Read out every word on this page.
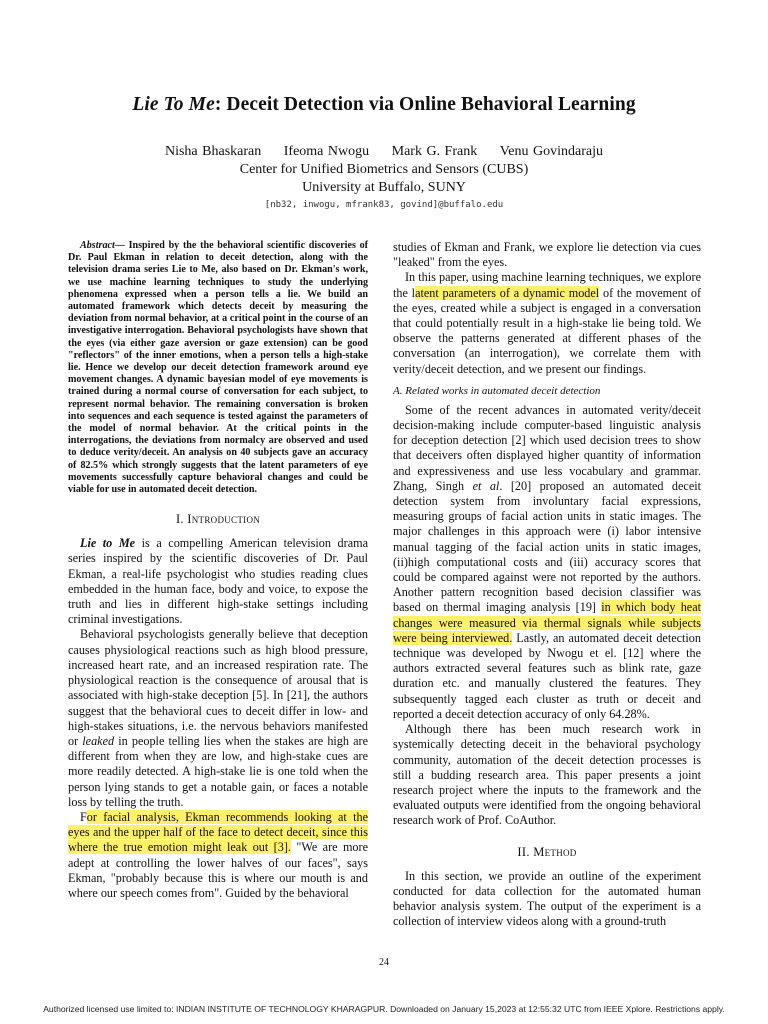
Lie To Me: Deceit Detection via Online Behavioral Learning
Nisha Bhaskaran Ifeoma Nwogu Mark G. Frank Venu Govindaraju
Center for Unified Biometrics and Sensors (CUBS)
University at Buffalo, SUNY
[nb32, inwogu, mfrank83, govind]@buffalo.edu

Abstract— Inspired by the the behavioral scientific discoveries of Dr. Paul Ekman in relation to deceit detection, along with the television drama series Lie to Me, also based on Dr. Ekman's work, we use machine learning techniques to study the underlying phenomena expressed when a person tells a lie. We build an automated framework which detects deceit by measuring the deviation from normal behavior, at a critical point in the course of an investigative interrogation. Behavioral psychologists have shown that the eyes (via either gaze aversion or gaze extension) can be good "reflectors" of the inner emotions, when a person tells a high-stake lie. Hence we develop our deceit detection framework around eye movement changes. A dynamic bayesian model of eye movements is trained during a normal course of conversation for each subject, to represent normal behavior. The remaining conversation is broken into sequences and each sequence is tested against the parameters of the model of normal behavior. At the critical points in the interrogations, the deviations from normalcy are observed and used to deduce verity/deceit. An analysis on 40 subjects gave an accuracy of 82.5% which strongly suggests that the latent parameters of eye movements successfully capture behavioral changes and could be viable for use in automated deceit detection.

I. Introduction

Lie to Me is a compelling American television drama series inspired by the scientific discoveries of Dr. Paul Ekman, a real-life psychologist who studies reading clues embedded in the human face, body and voice, to expose the truth and lies in different high-stake settings including criminal investigations.

Behavioral psychologists generally believe that deception causes physiological reactions such as high blood pressure, increased heart rate, and an increased respiration rate. The physiological reaction is the consequence of arousal that is associated with high-stake deception [5]. In [21], the authors suggest that the behavioral cues to deceit differ in low- and high-stakes situations, i.e. the nervous behaviors manifested or leaked in people telling lies when the stakes are high are different from when they are low, and high-stake cues are more readily detected. A high-stake lie is one told when the person lying stands to get a notable gain, or faces a notable loss by telling the truth.

For facial analysis, Ekman recommends looking at the eyes and the upper half of the face to detect deceit, since this where the true emotion might leak out [3]. "We are more adept at controlling the lower halves of our faces", says Ekman, "probably because this is where our mouth is and where our speech comes from". Guided by the behavioral

studies of Ekman and Frank, we explore lie detection via cues "leaked" from the eyes.

In this paper, using machine learning techniques, we explore the latent parameters of a dynamic model of the movement of the eyes, created while a subject is engaged in a conversation that could potentially result in a high-stake lie being told. We observe the patterns generated at different phases of the conversation (an interrogation), we correlate them with verity/deceit detection, and we present our findings.

A. Related works in automated deceit detection

Some of the recent advances in automated verity/deceit decision-making include computer-based linguistic analysis for deception detection [2] which used decision trees to show that deceivers often displayed higher quantity of information and expressiveness and use less vocabulary and grammar. Zhang, Singh et al. [20] proposed an automated deceit detection system from involuntary facial expressions, measuring groups of facial action units in static images. The major challenges in this approach were (i) labor intensive manual tagging of the facial action units in static images, (ii)high computational costs and (iii) accuracy scores that could be compared against were not reported by the authors. Another pattern recognition based decision classifier was based on thermal imaging analysis [19] in which body heat changes were measured via thermal signals while subjects were being interviewed. Lastly, an automated deceit detection technique was developed by Nwogu et el. [12] where the authors extracted several features such as blink rate, gaze duration etc. and manually clustered the features. They subsequently tagged each cluster as truth or deceit and reported a deceit detection accuracy of only 64.28%.

Although there has been much research work in systemically detecting deceit in the behavioral psychology community, automation of the deceit detection processes is still a budding research area. This paper presents a joint research project where the inputs to the framework and the evaluated outputs were identified from the ongoing behavioral research work of Prof. CoAuthor.

II. Method

In this section, we provide an outline of the experiment conducted for data collection for the automated human behavior analysis system. The output of the experiment is a collection of interview videos along with a ground-truth

24
Authorized licensed use limited to: INDIAN INSTITUTE OF TECHNOLOGY KHARAGPUR. Downloaded on January 15,2023 at 12:55:32 UTC from IEEE Xplore. Restrictions apply.
